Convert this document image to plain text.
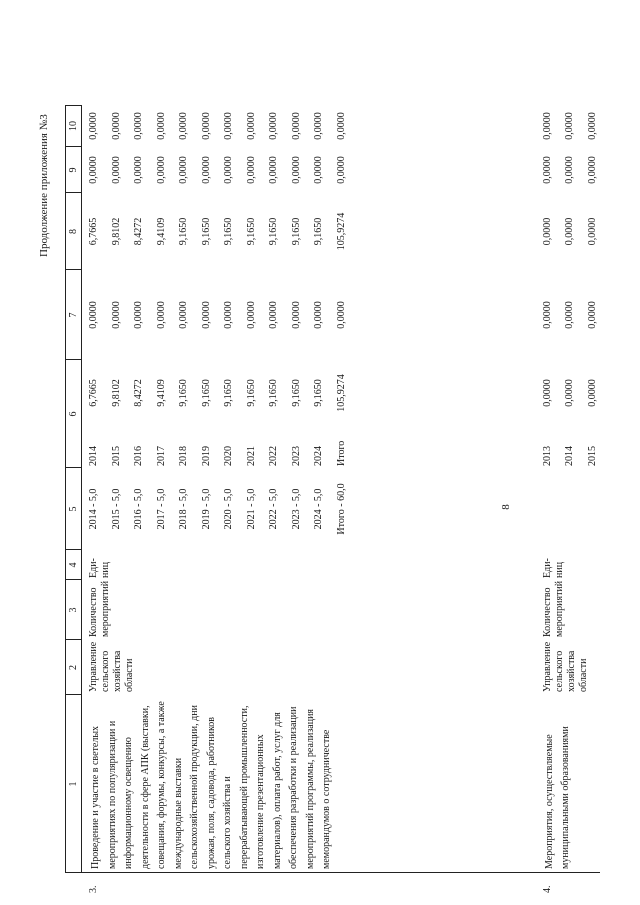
8
Продолжение приложения №3
1
2
3
4
5
6
7
8
9
10
3.
Проведение и участие в светелых мероприятиях по популяризации и информационному освещению деятельности в сфере АПК (выставки, совещания, форумы, конкурсы, а также международные выставки сельскохозяйственной продукции, дни урожая, поля, садовода, работников сельского хозяйства и перерабатывающей промышленности, изготовление презентационных материалов), оплата работ, услуг для обеспечения разработки и реализации мероприятий программы, реализация меморандумов о сотрудничестве
Управление сельского хозяйства области
Количество мероприятий
Еди-ниц
2014 - 5,0
2014
6,7665
0,0000
6,7665
0,0000
0,0000
2015 - 5,0
2015
9,8102
0,0000
9,8102
0,0000
0,0000
2016 - 5,0
2016
8,4272
0,0000
8,4272
0,0000
0,0000
2017 - 5,0
2017
9,4109
0,0000
9,4109
0,0000
0,0000
2018 - 5,0
2018
9,1650
0,0000
9,1650
0,0000
0,0000
2019 - 5,0
2019
9,1650
0,0000
9,1650
0,0000
0,0000
2020 - 5,0
2020
9,1650
0,0000
9,1650
0,0000
0,0000
2021 - 5,0
2021
9,1650
0,0000
9,1650
0,0000
0,0000
2022 - 5,0
2022
9,1650
0,0000
9,1650
0,0000
0,0000
2023 - 5,0
2023
9,1650
0,0000
9,1650
0,0000
0,0000
2024 - 5,0
2024
9,1650
0,0000
9,1650
0,0000
0,0000
Итого - 60,0
Итого
105,9274
0,0000
105,9274
0,0000
0,0000
4.
Мероприятия, осуществляемые муниципальными образованиями
Управление сельского хозяйства области
Количество мероприятий
Еди-ниц
2013
0,0000
0,0000
0,0000
0,0000
0,0000
2014
0,0000
0,0000
0,0000
0,0000
0,0000
2015
0,0000
0,0000
0,0000
0,0000
0,0000
